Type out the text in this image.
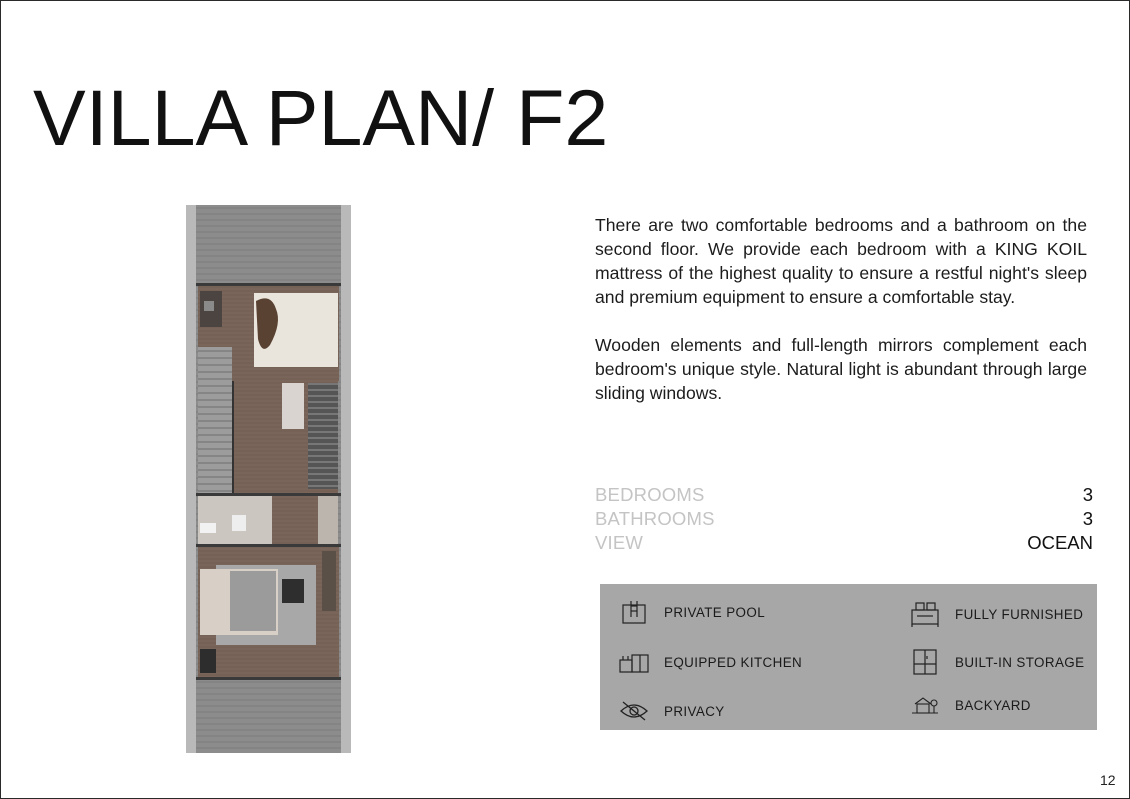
VILLA PLAN/ F2

There are two comfortable bedrooms and a bathroom on the second floor. We provide each bedroom with a KING KOIL mattress of the highest quality to ensure a restful night's sleep and premium equipment to ensure a comfortable stay.

Wooden elements and full-length mirrors complement each bedroom's unique style. Natural light is abundant through large sliding windows.

BEDROOMS	3
BATHROOMS	3
VIEW	OCEAN
PRIVATE POOL	FULLY FURNISHED
EQUIPPED KITCHEN	BUILT-IN STORAGE
PRIVACY	BACKYARD
12
